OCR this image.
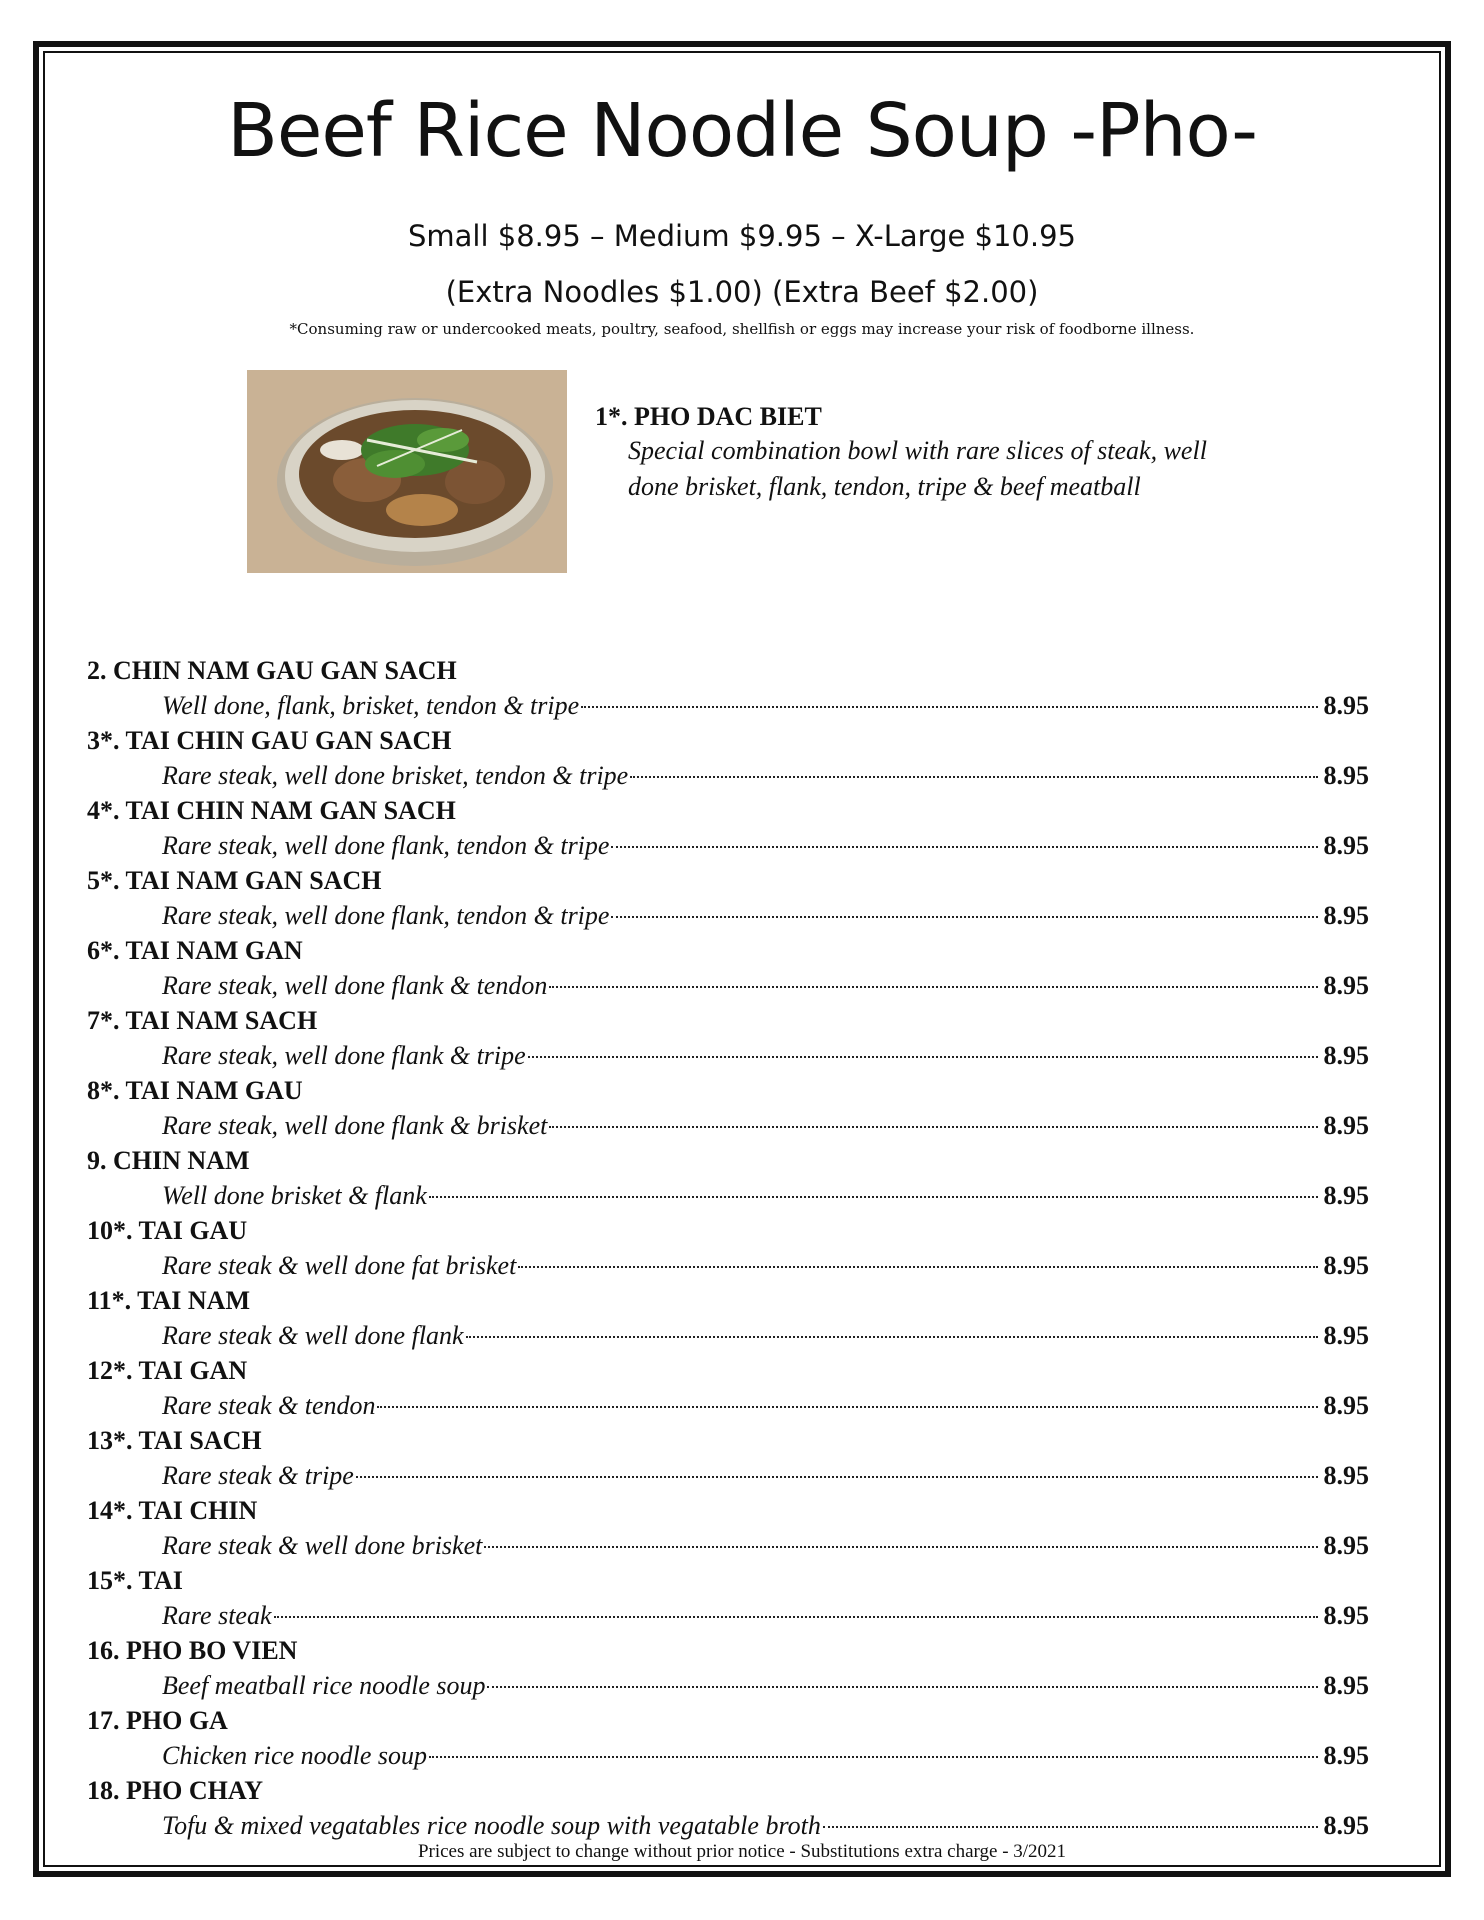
Beef Rice Noodle Soup -Pho-
Small $8.95 – Medium $9.95 – X-Large $10.95
(Extra Noodles $1.00) (Extra Beef $2.00)
*Consuming raw or undercooked meats, poultry, seafood, shellfish or eggs may increase your risk of foodborne illness.
1*. PHO DAC BIET
Special combination bowl with rare slices of steak, well
done brisket, flank, tendon, tripe & beef meatball
2. CHIN NAM GAU GAN SACH
Well done, flank, brisket, tendon & tripe	8.95
3*. TAI CHIN GAU GAN SACH
Rare steak, well done brisket, tendon & tripe	8.95
4*. TAI CHIN NAM GAN SACH
Rare steak, well done flank, tendon & tripe	8.95
5*. TAI NAM GAN SACH
Rare steak, well done flank, tendon & tripe	8.95
6*. TAI NAM GAN
Rare steak, well done flank & tendon	8.95
7*. TAI NAM SACH
Rare steak, well done flank & tripe	8.95
8*. TAI NAM GAU
Rare steak, well done flank & brisket	8.95
9. CHIN NAM
Well done brisket & flank	8.95
10*. TAI GAU
Rare steak & well done fat brisket	8.95
11*. TAI NAM
Rare steak & well done flank	8.95
12*. TAI GAN
Rare steak & tendon	8.95
13*. TAI SACH
Rare steak & tripe	8.95
14*. TAI CHIN
Rare steak & well done brisket	8.95
15*. TAI
Rare steak	8.95
16. PHO BO VIEN
Beef meatball rice noodle soup	8.95
17. PHO GA
Chicken rice noodle soup	8.95
18. PHO CHAY
Tofu & mixed vegatables rice noodle soup with vegatable broth	8.95
Prices are subject to change without prior notice - Substitutions extra charge - 3/2021
